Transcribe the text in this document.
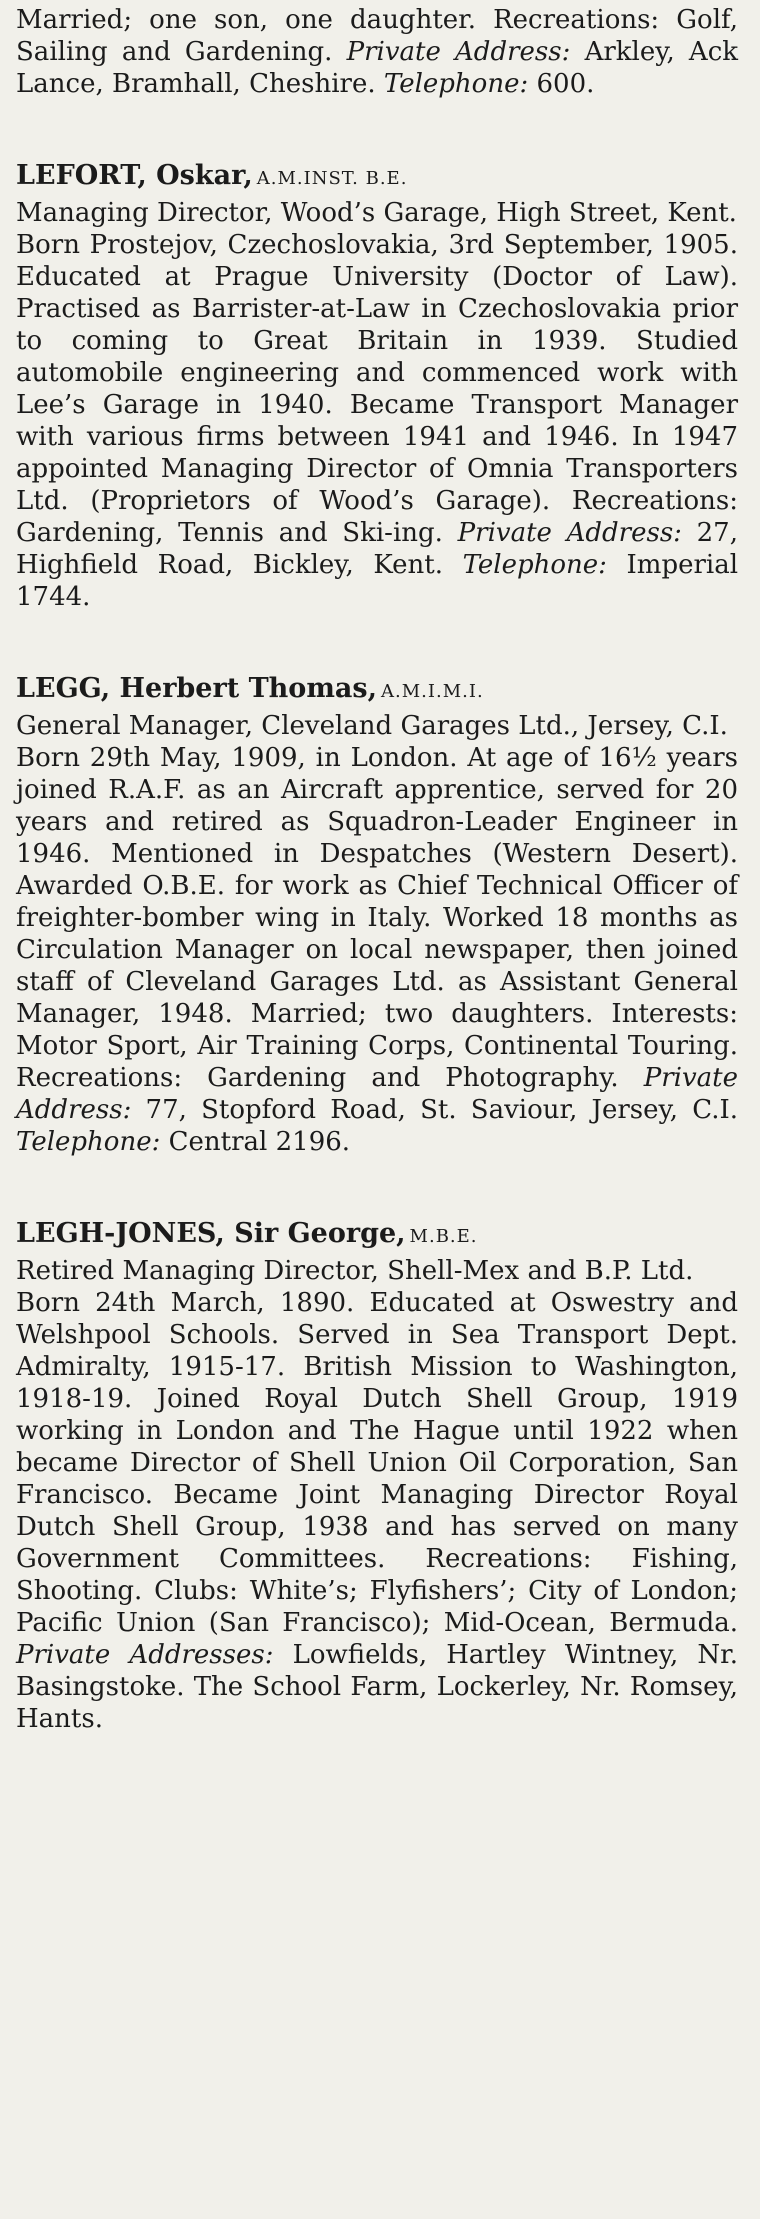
Married; one son, one daughter. Recreations: Golf, Sailing and Gardening. Private Address: Arkley, Ack Lance, Bramhall, Cheshire. Telephone: 600.

LEFORT, Oskar, A.M.INST. B.E.

Managing Director, Wood’s Garage, High Street, Kent.

Born Prostejov, Czechoslovakia, 3rd September, 1905. Educated at Prague University (Doctor of Law). Practised as Barrister-at-Law in Czechoslovakia prior to coming to Great Britain in 1939. Studied automobile engineering and commenced work with Lee’s Garage in 1940. Became Transport Manager with various firms between 1941 and 1946. In 1947 appointed Managing Director of Omnia Transporters Ltd. (Proprietors of Wood’s Garage). Recreations: Gardening, Tennis and Ski-ing. Private Address: 27, Highfield Road, Bickley, Kent. Telephone: Imperial 1744.

LEGG, Herbert Thomas, A.M.I.M.I.

General Manager, Cleveland Garages Ltd., Jersey, C.I.

Born 29th May, 1909, in London. At age of 16½ years joined R.A.F. as an Aircraft apprentice, served for 20 years and retired as Squadron-Leader Engineer in 1946. Mentioned in Despatches (Western Desert). Awarded O.B.E. for work as Chief Technical Officer of freighter-bomber wing in Italy. Worked 18 months as Circulation Manager on local newspaper, then joined staff of Cleveland Garages Ltd. as Assistant General Manager, 1948. Married; two daughters. Interests: Motor Sport, Air Training Corps, Continental Touring. Recreations: Gardening and Photography. Private Address: 77, Stopford Road, St. Saviour, Jersey, C.I. Telephone: Central 2196.

LEGH-JONES, Sir George, M.B.E.

Retired Managing Director, Shell-Mex and B.P. Ltd.

Born 24th March, 1890. Educated at Oswestry and Welshpool Schools. Served in Sea Transport Dept. Admiralty, 1915-17. British Mission to Washington, 1918-19. Joined Royal Dutch Shell Group, 1919 working in London and The Hague until 1922 when became Director of Shell Union Oil Corporation, San Francisco. Became Joint Managing Director Royal Dutch Shell Group, 1938 and has served on many Government Committees. Recreations: Fishing, Shooting. Clubs: White’s; Flyfishers’; City of London; Pacific Union (San Francisco); Mid-Ocean, Bermuda. Private Addresses: Lowfields, Hartley Wintney, Nr. Basingstoke. The School Farm, Lockerley, Nr. Romsey, Hants.
